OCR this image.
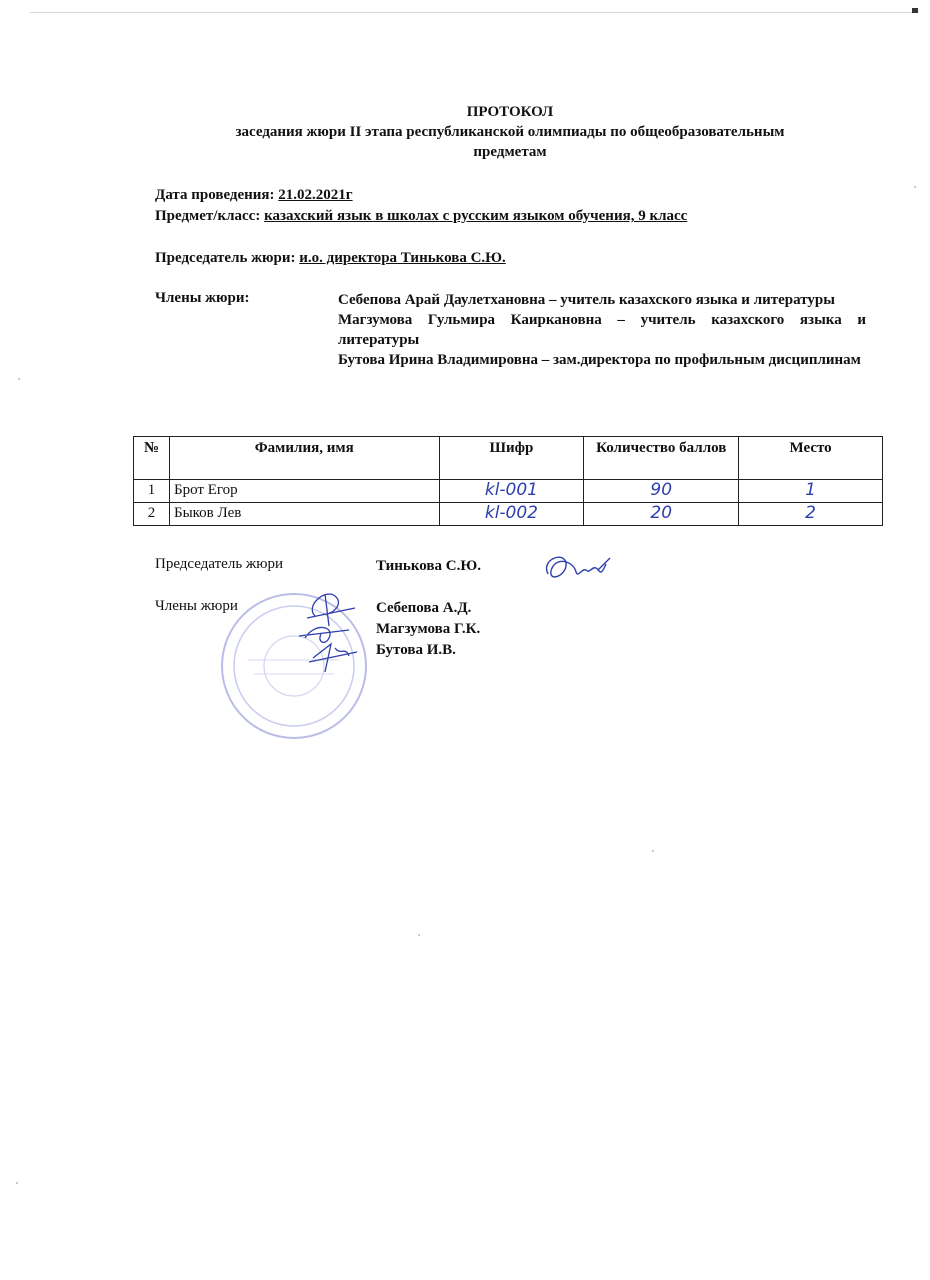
ПРОТОКОЛ
заседания жюри II этапа республиканской олимпиады по общеобразовательным
предметам
Дата проведения: 21.02.2021г
Предмет/класс: казахский язык в школах с русским языком обучения, 9 класс
Председатель жюри: и.о. директора Тинькова С.Ю.
Члены жюри:	Себепова Арай Даулетхановна – учитель казахского языка и литературы
Магзумова Гульмира Каиркановна – учитель казахского языка и литературы
Бутова Ирина Владимировна – зам.директора по профильным дисциплинам
№	Фамилия, имя	Шифр	Количество баллов	Место
1	Брот Егор	kl-001	90	1
2	Быков Лев	kl-002	20	2
Председатель жюри	Тинькова С.Ю.
Члены жюри	Себепова А.Д.
Магзумова Г.К.
Бутова И.В.
